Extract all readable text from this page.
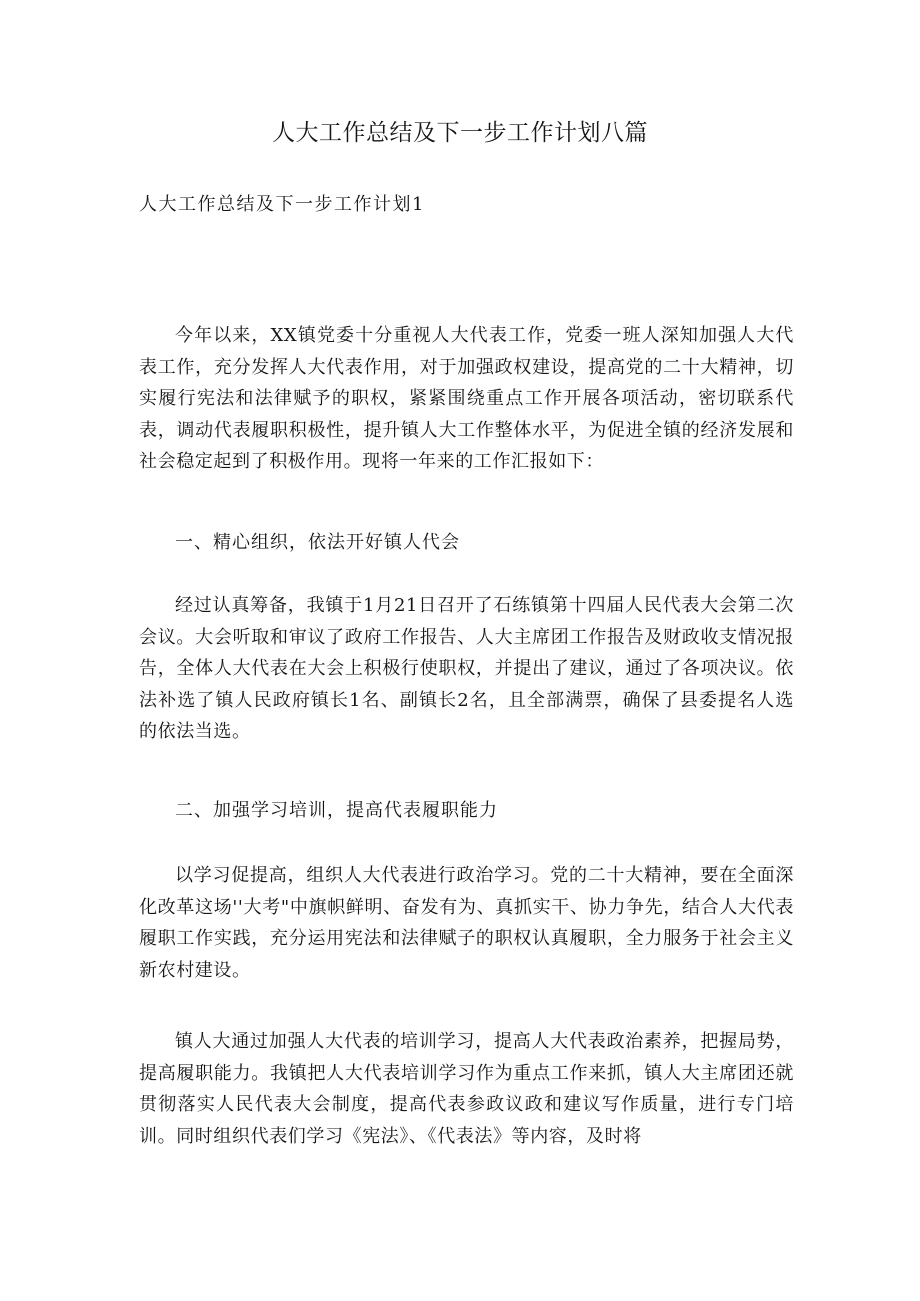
人大工作总结及下一步工作计划八篇

人大工作总结及下一步工作计划1

今年以来，XX镇党委十分重视人大代表工作，党委一班人深知加强人大代表工作，充分发挥人大代表作用，对于加强政权建设，提高党的二十大精神，切实履行宪法和法律赋予的职权，紧紧围绕重点工作开展各项活动，密切联系代表，调动代表履职积极性，提升镇人大工作整体水平，为促进全镇的经济发展和社会稳定起到了积极作用。现将一年来的工作汇报如下：

一、精心组织，依法开好镇人代会

经过认真筹备，我镇于1月21日召开了石练镇第十四届人民代表大会第二次会议。大会听取和审议了政府工作报告、人大主席团工作报告及财政收支情况报告，全体人大代表在大会上积极行使职权，并提出了建议，通过了各项决议。依法补选了镇人民政府镇长1名、副镇长2名，且全部满票，确保了县委提名人选的依法当选。

二、加强学习培训，提高代表履职能力

以学习促提高，组织人大代表进行政治学习。党的二十大精神，要在全面深化改革这场''大考"中旗帜鲜明、奋发有为、真抓实干、协力争先，结合人大代表履职工作实践，充分运用宪法和法律赋子的职权认真履职，全力服务于社会主义新农村建设。

镇人大通过加强人大代表的培训学习，提高人大代表政治素养，把握局势，提高履职能力。我镇把人大代表培训学习作为重点工作来抓，镇人大主席团还就贯彻落实人民代表大会制度，提高代表参政议政和建议写作质量，进行专门培训。同时组织代表们学习《宪法》、《代表法》等内容，及时将
